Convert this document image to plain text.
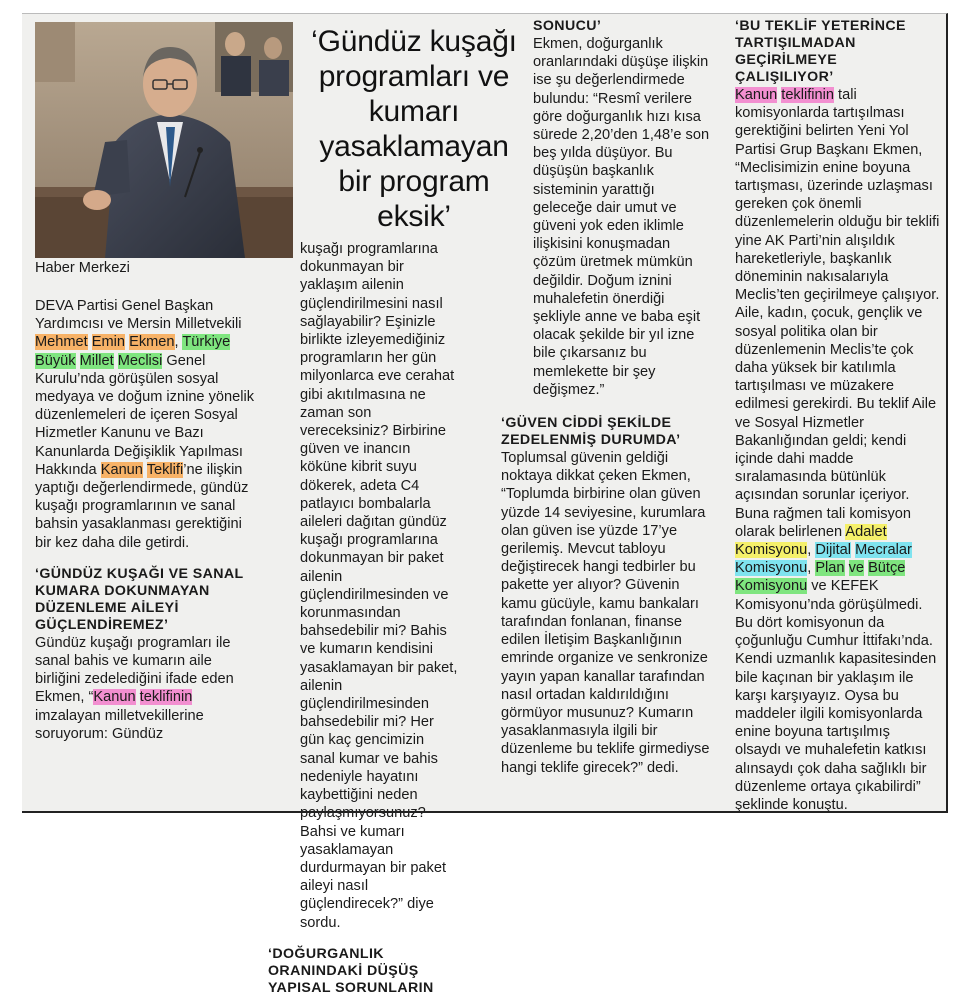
Haber Merkezi
‘Gündüz kuşağı programları ve kumarı yasaklamayan bir program eksik’

DEVA Partisi Genel Başkan Yardımcısı ve Mersin Milletvekili Mehmet Emin Ekmen, Türkiye Büyük Millet Meclisi Genel Kurulu’nda görüşülen sosyal medyaya ve doğum iznine yönelik düzenlemeleri de içeren Sosyal Hizmetler Kanunu ve Bazı Kanunlarda Değişiklik Yapılması Hakkında Kanun Teklifi’ne ilişkin yaptığı değerlendirmede, gündüz kuşağı programlarının ve sanal bahsin yasaklanması gerektiğini bir kez daha dile getirdi.

‘GÜNDÜZ KUŞAĞI VE SANAL KUMARA DOKUNMAYAN DÜZENLEME AİLEYİ GÜÇLENDİREMEZ’

Gündüz kuşağı programları ile sanal bahis ve kumarın aile birliğini zedelediğini ifade eden Ekmen, “Kanun teklifinin imzalayan milletvekillerine soruyorum: Gündüz

kuşağı programlarına dokunmayan bir yaklaşım ailenin güçlendirilmesini nasıl sağlayabilir? Eşinizle birlikte izleyemediğiniz programların her gün milyonlarca eve cerahat gibi akıtılmasına ne zaman son vereceksiniz? Birbirine güven ve inancın köküne kibrit suyu dökerek, adeta C4 patlayıcı bombalarla aileleri dağıtan gündüz kuşağı programlarına dokunmayan bir paket ailenin güçlendirilmesinden ve korunmasından bahsedebilir mi? Bahis ve kumarın kendisini yasaklamayan bir paket, ailenin güçlendirilmesinden bahsedebilir mi? Her gün kaç gencimizin sanal kumar ve bahis nedeniyle hayatını kaybettiğini neden paylaşmıyorsunuz? Bahsi ve kumarı yasaklamayan durdurmayan bir paket aileyi nasıl güçlendirecek?” diye sordu.

‘DOĞURGANLIK ORANINDAKİ DÜŞÜŞ YAPISAL SORUNLARIN

SONUCU’

Ekmen, doğurganlık oranlarındaki düşüşe ilişkin ise şu değerlendirmede bulundu: “Resmî verilere göre doğurganlık hızı kısa sürede 2,20’den 1,48’e son beş yılda düşüyor. Bu düşüşün başkanlık sisteminin yarattığı geleceğe dair umut ve güveni yok eden iklimle ilişkisini konuşmadan çözüm üretmek mümkün değildir. Doğum iznini muhalefetin önerdiği şekliyle anne ve baba eşit olacak şekilde bir yıl izne bile çıkarsanız bu memlekette bir şey değişmez.”

‘GÜVEN CİDDİ ŞEKİLDE ZEDELENMİŞ DURUMDA’

Toplumsal güvenin geldiği noktaya dikkat çeken Ekmen, “Toplumda birbirine olan güven yüzde 14 seviyesine, kurumlara olan güven ise yüzde 17’ye gerilemiş. Mevcut tabloyu değiştirecek hangi tedbirler bu pakette yer alıyor? Güvenin kamu gücüyle, kamu bankaları tarafından fonlanan, finanse edilen İletişim Başkanlığının emrinde organize ve senkronize yayın yapan kanallar tarafından nasıl ortadan kaldırıldığını görmüyor musunuz? Kumarın yasaklanmasıyla ilgili bir düzenleme bu teklife girmediyse hangi teklife girecek?” dedi.

‘BU TEKLİF YETERİNCE TARTIŞILMADAN GEÇİRİLMEYE ÇALIŞILIYOR’

Kanun teklifinin tali komisyonlarda tartışılması gerektiğini belirten Yeni Yol Partisi Grup Başkanı Ekmen, “Meclisimizin enine boyuna tartışması, üzerinde uzlaşması gereken çok önemli düzenlemelerin olduğu bir teklifi yine AK Parti’nin alışıldık hareketleriyle, başkanlık döneminin nakısalarıyla Meclis’ten geçirilmeye çalışıyor. Aile, kadın, çocuk, gençlik ve sosyal politika olan bir düzenlemenin Meclis’te çok daha yüksek bir katılımla tartışılması ve müzakere edilmesi gerekirdi. Bu teklif Aile ve Sosyal Hizmetler Bakanlığından geldi; kendi içinde dahi madde sıralamasında bütünlük açısından sorunlar içeriyor. Buna rağmen tali komisyon olarak belirlenen Adalet Komisyonu, Dijital Mecralar Komisyonu, Plan ve Bütçe Komisyonu ve KEFEK Komisyonu’nda görüşülmedi. Bu dört komisyonun da çoğunluğu Cumhur İttifakı’nda. Kendi uzmanlık kapasitesinden bile kaçınan bir yaklaşım ile karşı karşıyayız. Oysa bu maddeler ilgili komisyonlarda enine boyuna tartışılmış olsaydı ve muhalefetin katkısı alınsaydı çok daha sağlıklı bir düzenleme ortaya çıkabilirdi” şeklinde konuştu.
